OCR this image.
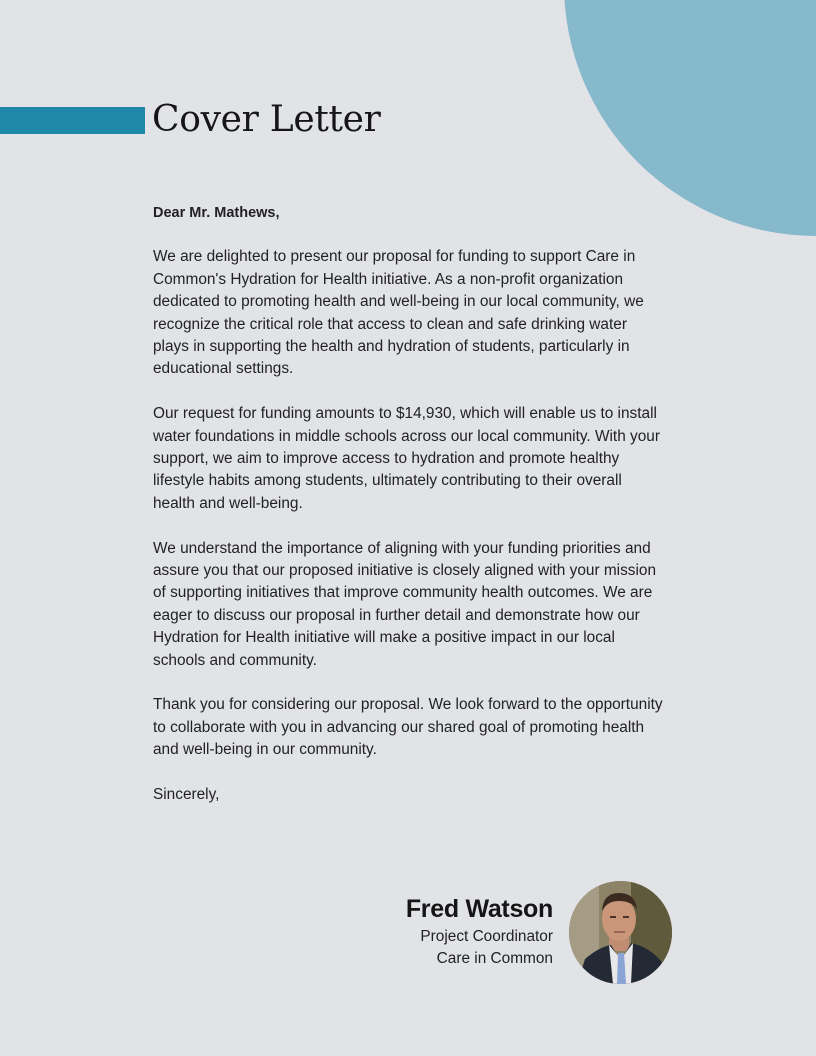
Cover Letter
Dear Mr. Mathews,

We are delighted to present our proposal for funding to support Care in Common's Hydration for Health initiative. As a non-profit organization dedicated to promoting health and well-being in our local community, we recognize the critical role that access to clean and safe drinking water plays in supporting the health and hydration of students, particularly in educational settings.

Our request for funding amounts to $14,930, which will enable us to install water foundations in middle schools across our local community. With your support, we aim to improve access to hydration and promote healthy lifestyle habits among students, ultimately contributing to their overall health and well-being.

We understand the importance of aligning with your funding priorities and assure you that our proposed initiative is closely aligned with your mission of supporting initiatives that improve community health outcomes. We are eager to discuss our proposal in further detail and demonstrate how our Hydration for Health initiative will make a positive impact in our local schools and community.

Thank you for considering our proposal. We look forward to the opportunity to collaborate with you in advancing our shared goal of promoting health and well-being in our community.

Sincerely,

Fred Watson
Project Coordinator
Care in Common
